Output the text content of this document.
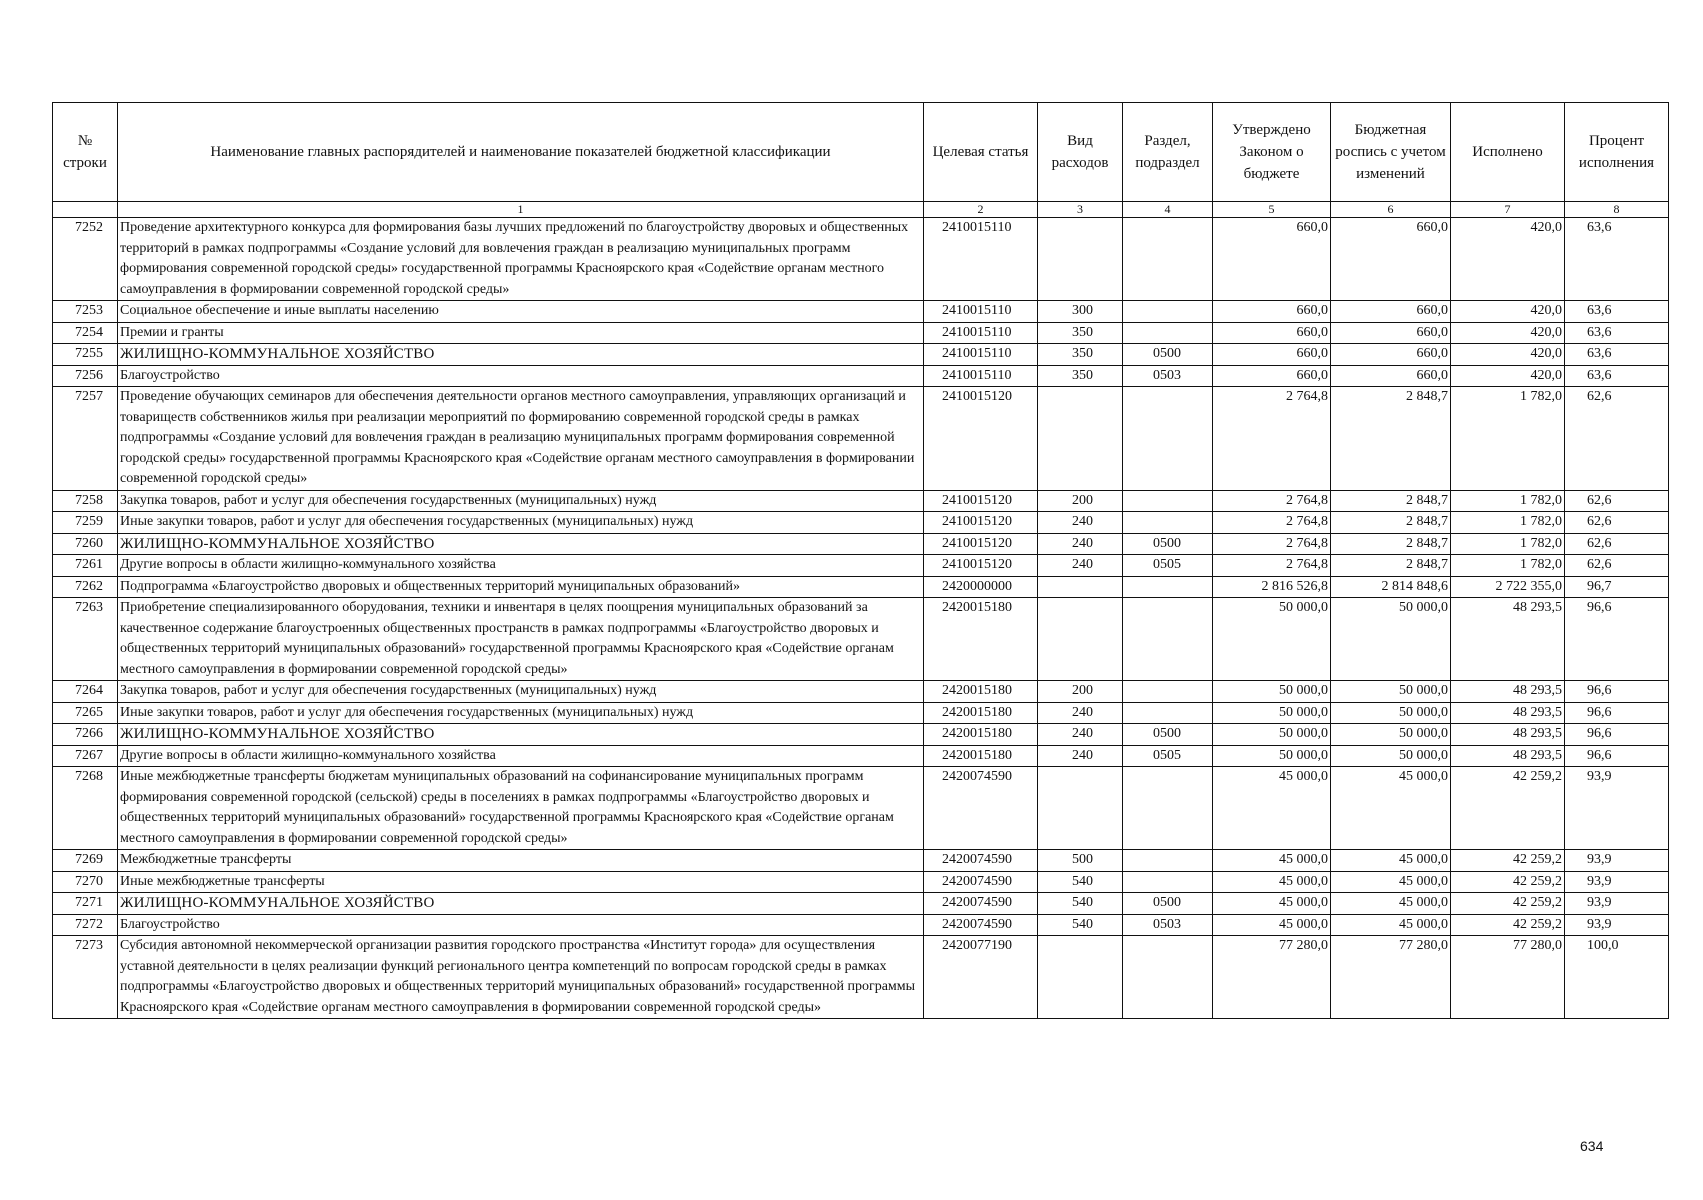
№ строки	Наименование главных распорядителей и наименование показателей бюджетной классификации	Целевая статья	Вид расходов	Раздел, подраздел	Утверждено Законом о бюджете	Бюджетная роспись с учетом изменений	Исполнено	Процент исполнения
	1	2	3	4	5	6	7	8
7252	Проведение архитектурного конкурса для формирования базы лучших предложений по благоустройству дворовых и общественных территорий в рамках подпрограммы «Создание условий для вовлечения граждан в реализацию муниципальных программ формирования современной городской среды» государственной программы Красноярского края «Содействие органам местного самоуправления в формировании современной городской среды»	2410015110			660,0	660,0	420,0	63,6
7253	Социальное обеспечение и иные выплаты населению	2410015110	300		660,0	660,0	420,0	63,6
7254	Премии и гранты	2410015110	350		660,0	660,0	420,0	63,6
7255	ЖИЛИЩНО-КОММУНАЛЬНОЕ ХОЗЯЙСТВО	2410015110	350	0500	660,0	660,0	420,0	63,6
7256	Благоустройство	2410015110	350	0503	660,0	660,0	420,0	63,6
7257	Проведение обучающих семинаров для обеспечения деятельности органов местного самоуправления, управляющих организаций и товариществ собственников жилья при реализации мероприятий по формированию современной городской среды в рамках подпрограммы «Создание условий для вовлечения граждан в реализацию муниципальных программ формирования современной городской среды» государственной программы Красноярского края «Содействие органам местного самоуправления в формировании современной городской среды»	2410015120			2 764,8	2 848,7	1 782,0	62,6
7258	Закупка товаров, работ и услуг для обеспечения государственных (муниципальных) нужд	2410015120	200		2 764,8	2 848,7	1 782,0	62,6
7259	Иные закупки товаров, работ и услуг для обеспечения государственных (муниципальных) нужд	2410015120	240		2 764,8	2 848,7	1 782,0	62,6
7260	ЖИЛИЩНО-КОММУНАЛЬНОЕ ХОЗЯЙСТВО	2410015120	240	0500	2 764,8	2 848,7	1 782,0	62,6
7261	Другие вопросы в области жилищно-коммунального хозяйства	2410015120	240	0505	2 764,8	2 848,7	1 782,0	62,6
7262	Подпрограмма «Благоустройство дворовых и общественных территорий муниципальных образований»	2420000000			2 816 526,8	2 814 848,6	2 722 355,0	96,7
7263	Приобретение специализированного оборудования, техники и инвентаря в целях поощрения муниципальных образований за качественное содержание благоустроенных общественных пространств в рамках подпрограммы «Благоустройство дворовых и общественных территорий муниципальных образований» государственной программы Красноярского края «Содействие органам местного самоуправления в формировании современной городской среды»	2420015180			50 000,0	50 000,0	48 293,5	96,6
7264	Закупка товаров, работ и услуг для обеспечения государственных (муниципальных) нужд	2420015180	200		50 000,0	50 000,0	48 293,5	96,6
7265	Иные закупки товаров, работ и услуг для обеспечения государственных (муниципальных) нужд	2420015180	240		50 000,0	50 000,0	48 293,5	96,6
7266	ЖИЛИЩНО-КОММУНАЛЬНОЕ ХОЗЯЙСТВО	2420015180	240	0500	50 000,0	50 000,0	48 293,5	96,6
7267	Другие вопросы в области жилищно-коммунального хозяйства	2420015180	240	0505	50 000,0	50 000,0	48 293,5	96,6
7268	Иные межбюджетные трансферты бюджетам муниципальных образований на софинансирование муниципальных программ формирования современной городской (сельской) среды в поселениях в рамках подпрограммы «Благоустройство дворовых и общественных территорий муниципальных образований» государственной программы Красноярского края «Содействие органам местного самоуправления в формировании современной городской среды»	2420074590			45 000,0	45 000,0	42 259,2	93,9
7269	Межбюджетные трансферты	2420074590	500		45 000,0	45 000,0	42 259,2	93,9
7270	Иные межбюджетные трансферты	2420074590	540		45 000,0	45 000,0	42 259,2	93,9
7271	ЖИЛИЩНО-КОММУНАЛЬНОЕ ХОЗЯЙСТВО	2420074590	540	0500	45 000,0	45 000,0	42 259,2	93,9
7272	Благоустройство	2420074590	540	0503	45 000,0	45 000,0	42 259,2	93,9
7273	Субсидия автономной некоммерческой организации развития городского пространства «Институт города» для осуществления уставной деятельности в целях реализации функций регионального центра компетенций по вопросам городской среды в рамках подпрограммы «Благоустройство дворовых и общественных территорий муниципальных образований» государственной программы Красноярского края «Содействие органам местного самоуправления в формировании современной городской среды»	2420077190			77 280,0	77 280,0	77 280,0	100,0
634
